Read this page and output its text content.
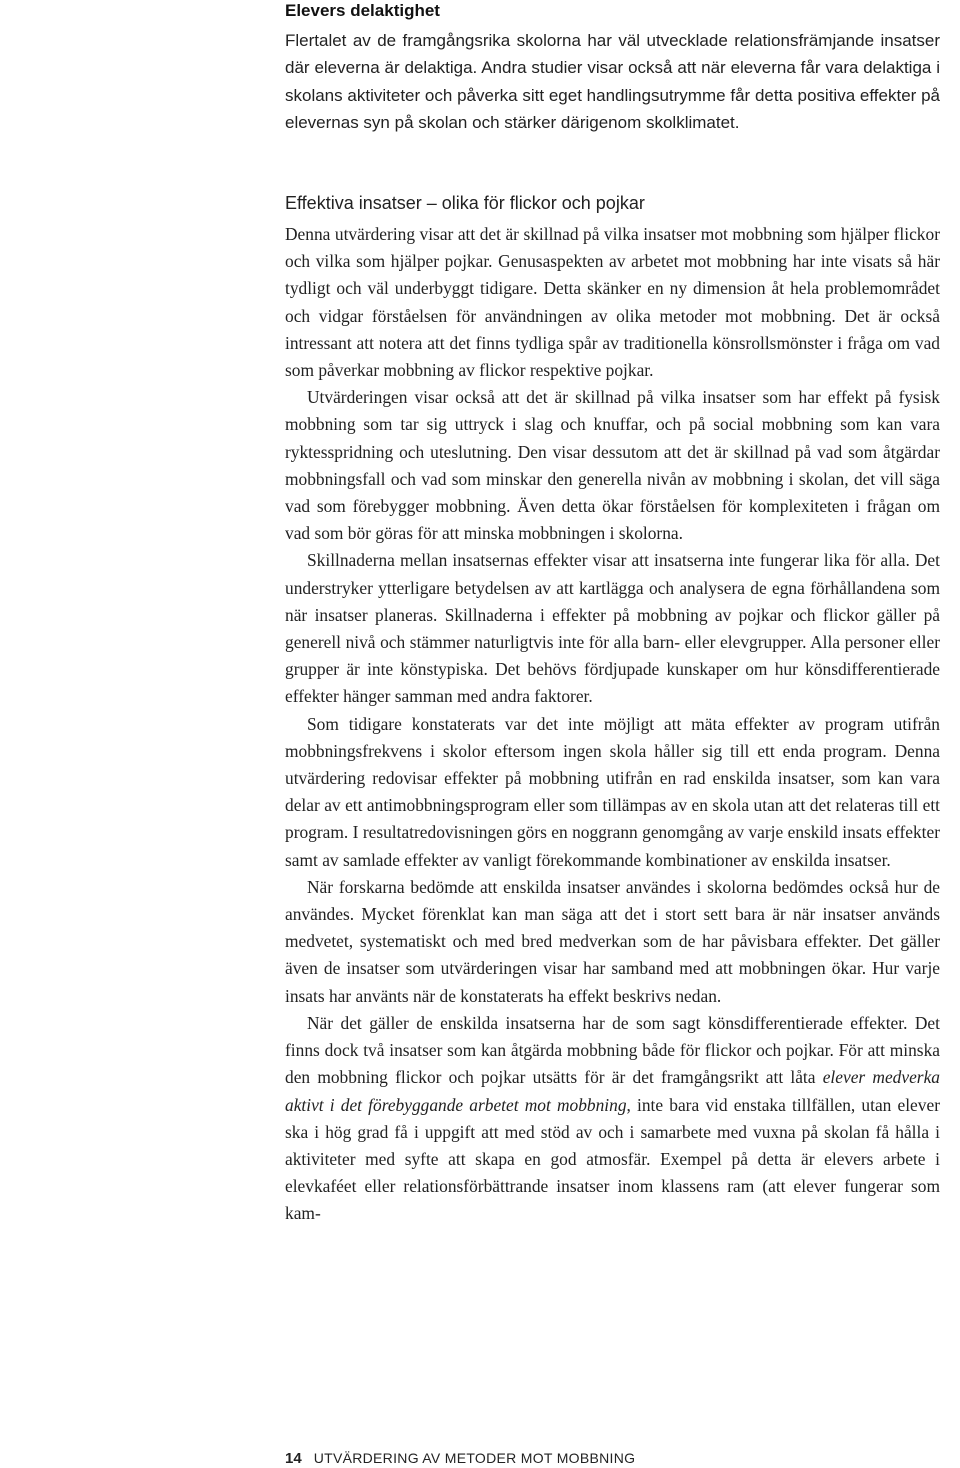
Elevers delaktighet

Flertalet av de framgångsrika skolorna har väl utvecklade relationsfrämjande insatser där eleverna är delaktiga. Andra studier visar också att när eleverna får vara delaktiga i skolans aktiviteter och påverka sitt eget handlingsutrymme får detta positiva effekter på elevernas syn på skolan och stärker därigenom skolklimatet.

Effektiva insatser – olika för flickor och pojkar

Denna utvärdering visar att det är skillnad på vilka insatser mot mobbning som hjälper flickor och vilka som hjälper pojkar. Genusaspekten av arbetet mot mobbning har inte visats så här tydligt och väl underbyggt tidigare. Detta skänker en ny dimension åt hela problemområdet och vidgar förståelsen för användningen av olika metoder mot mobbning. Det är också intressant att notera att det finns tydliga spår av traditionella könsrollsmönster i fråga om vad som påverkar mobbning av flickor respektive pojkar.

Utvärderingen visar också att det är skillnad på vilka insatser som har effekt på fysisk mobbning som tar sig uttryck i slag och knuffar, och på social mobbning som kan vara ryktesspridning och uteslutning. Den visar dessutom att det är skillnad på vad som åtgärdar mobbningsfall och vad som minskar den generella nivån av mobbning i skolan, det vill säga vad som förebygger mobbning. Även detta ökar förståelsen för komplexiteten i frågan om vad som bör göras för att minska mobbningen i skolorna.

Skillnaderna mellan insatsernas effekter visar att insatserna inte fungerar lika för alla. Det understryker ytterligare betydelsen av att kartlägga och analysera de egna förhållandena som när insatser planeras. Skillnaderna i effekter på mobbning av pojkar och flickor gäller på generell nivå och stämmer naturligtvis inte för alla barn- eller elevgrupper. Alla personer eller grupper är inte könstypiska. Det behövs fördjupade kunskaper om hur könsdifferentierade effekter hänger samman med andra faktorer.

Som tidigare konstaterats var det inte möjligt att mäta effekter av program utifrån mobbningsfrekvens i skolor eftersom ingen skola håller sig till ett enda program. Denna utvärdering redovisar effekter på mobbning utifrån en rad enskilda insatser, som kan vara delar av ett antimobbningsprogram eller som tillämpas av en skola utan att det relateras till ett program. I resultatredovisningen görs en noggrann genomgång av varje enskild insats effekter samt av samlade effekter av vanligt förekommande kombinationer av enskilda insatser.

När forskarna bedömde att enskilda insatser användes i skolorna bedömdes också hur de användes. Mycket förenklat kan man säga att det i stort sett bara är när insatser används medvetet, systematiskt och med bred medverkan som de har påvisbara effekter. Det gäller även de insatser som utvärderingen visar har samband med att mobbningen ökar. Hur varje insats har använts när de konstaterats ha effekt beskrivs nedan.

När det gäller de enskilda insatserna har de som sagt könsdifferentierade effekter. Det finns dock två insatser som kan åtgärda mobbning både för flickor och pojkar. För att minska den mobbning flickor och pojkar utsätts för är det framgångsrikt att låta elever medverka aktivt i det förebyggande arbetet mot mobbning, inte bara vid enstaka tillfällen, utan elever ska i hög grad få i uppgift att med stöd av och i samarbete med vuxna på skolan få hålla i aktiviteter med syfte att skapa en god atmosfär. Exempel på detta är elevers arbete i elevkaféet eller relationsförbättrande insatser inom klassens ram (att elever fungerar som kam-

14 UTVÄRDERING AV METODER MOT MOBBNING
